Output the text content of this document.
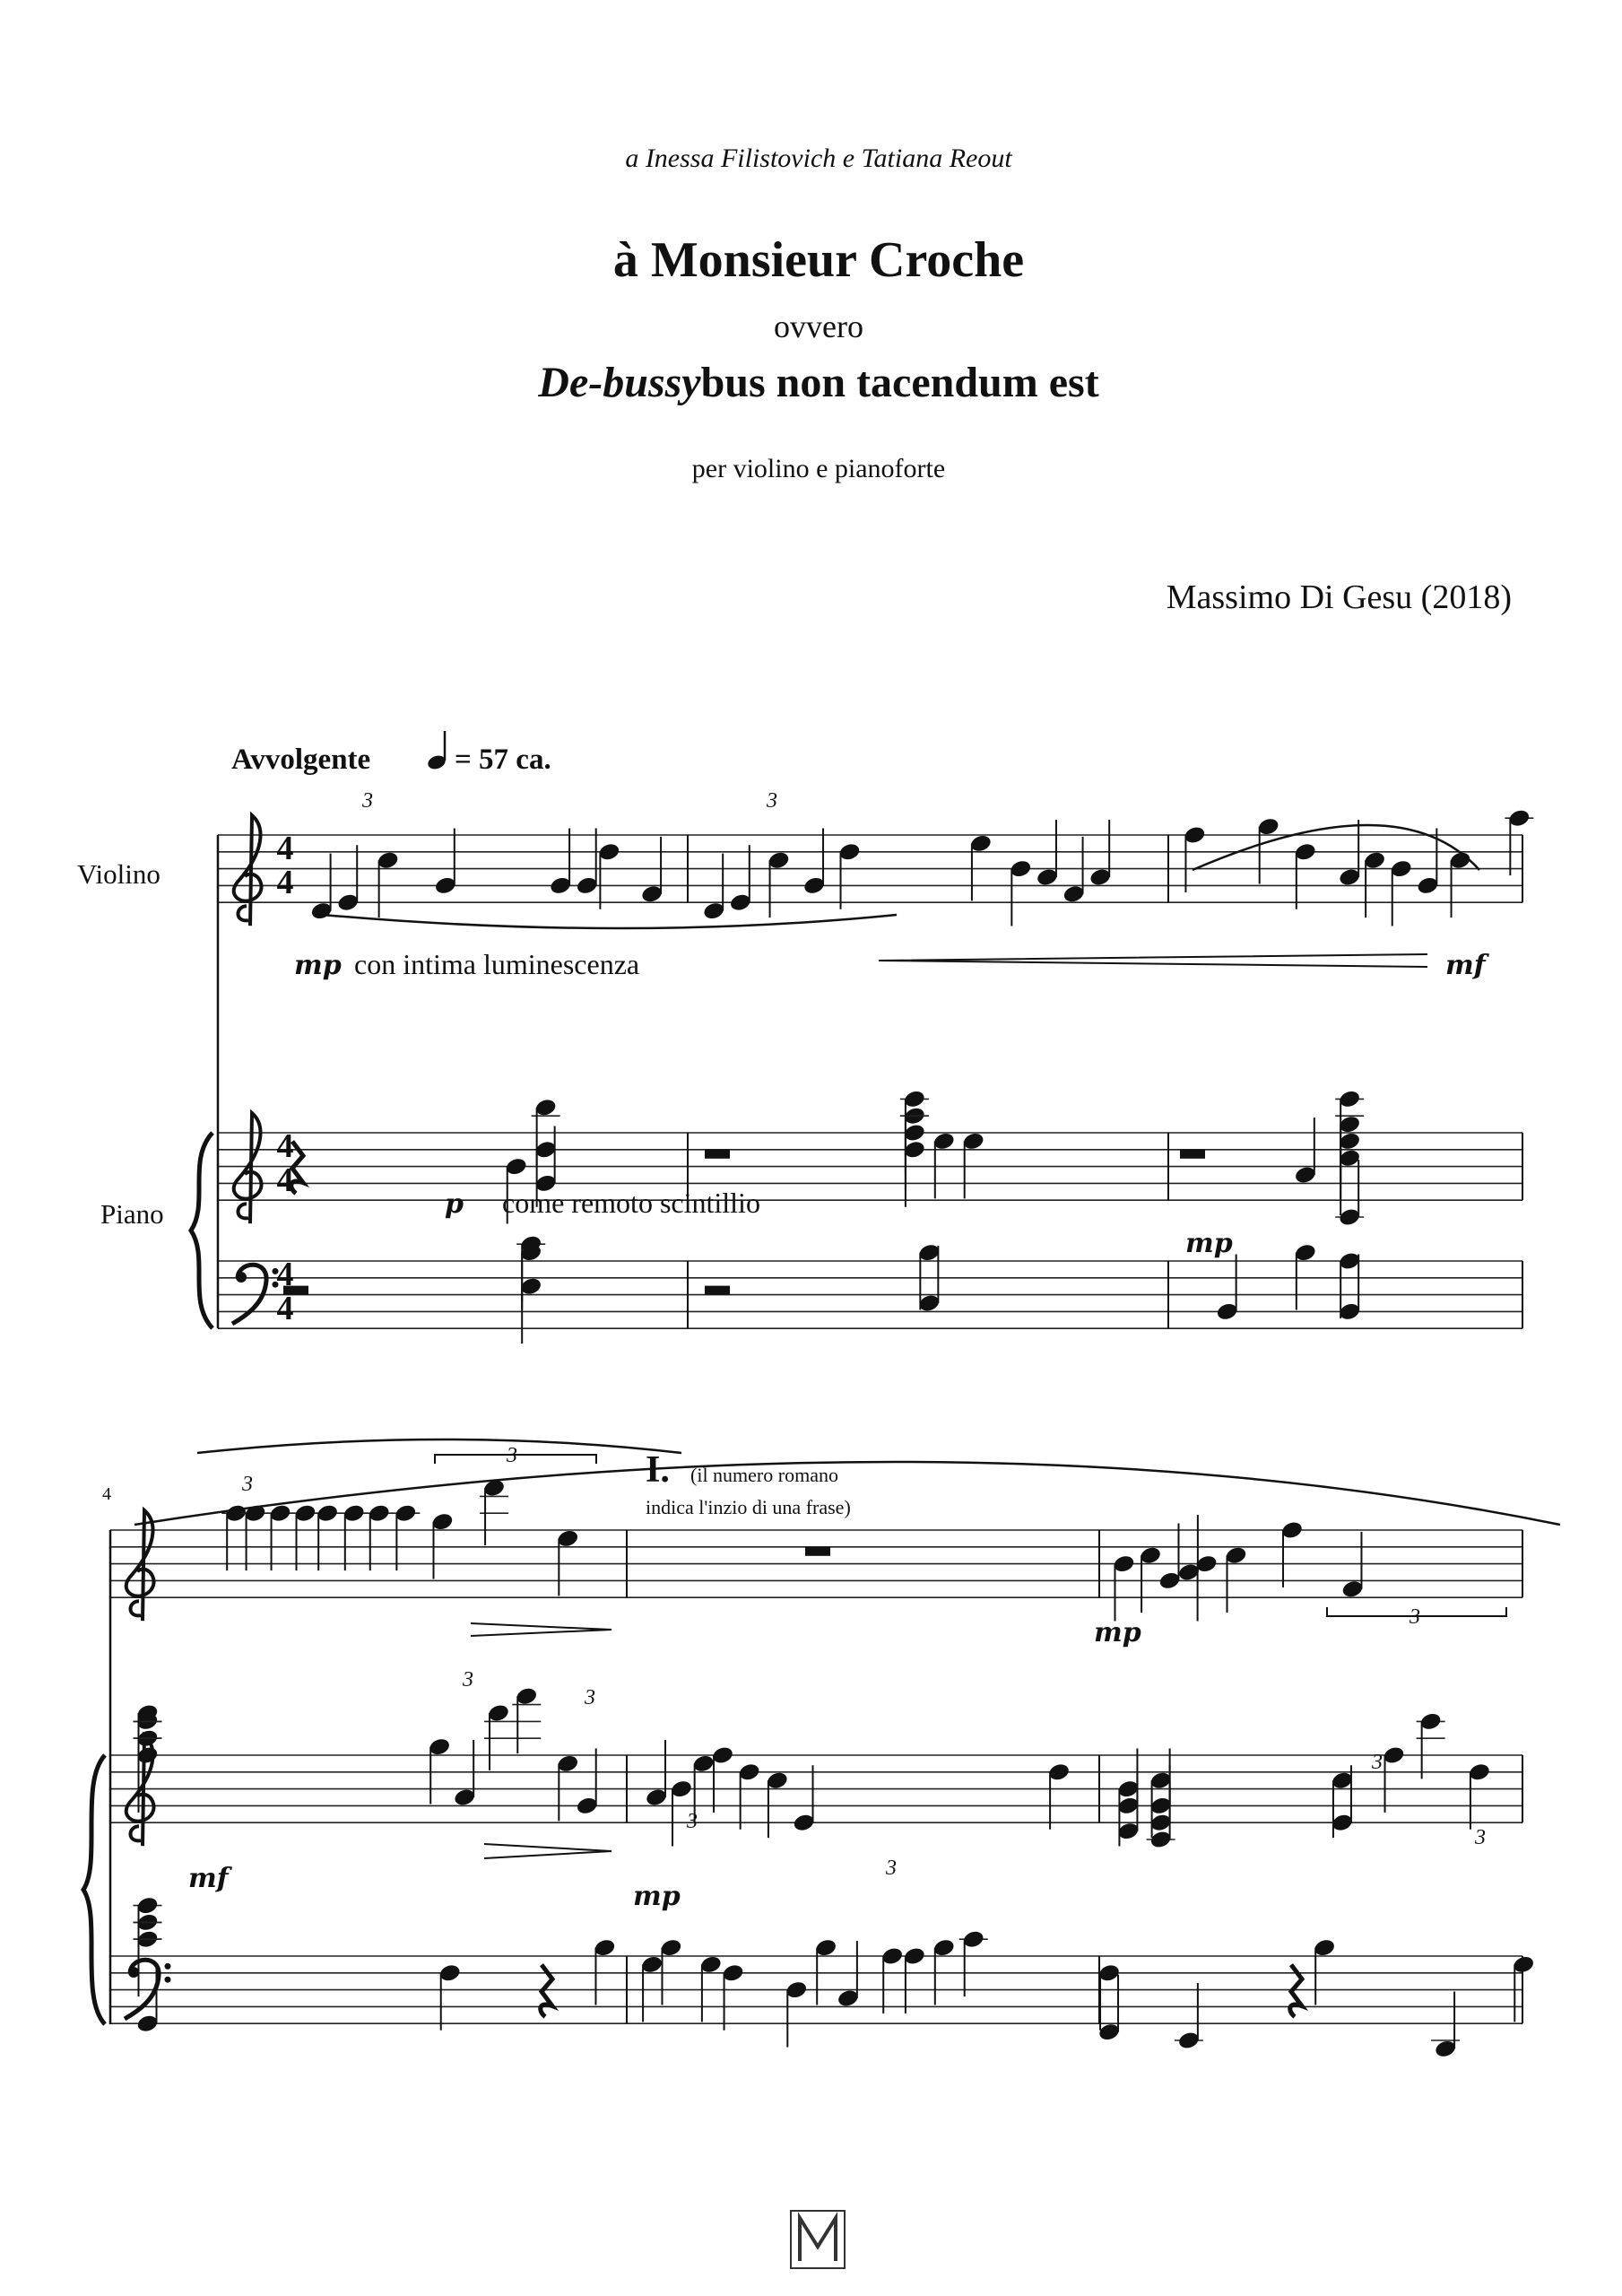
a Inessa Filistovich e Tatiana Reout
à Monsieur Croche
ovvero
De-bussybus non tacendum est
per violino e pianoforte
Massimo Di Gesu (2018)
Avvolgente	= 57 ca.
Violino
Piano
4
4
4
4
4
4
mp con intima luminescenza	mf
p come remoto scintillio
mp
3	3
4
I. (il numero romano
indica l'inzio di una frase)
mp
mf
mp
3
3
3
3
3
3
3
3
3
